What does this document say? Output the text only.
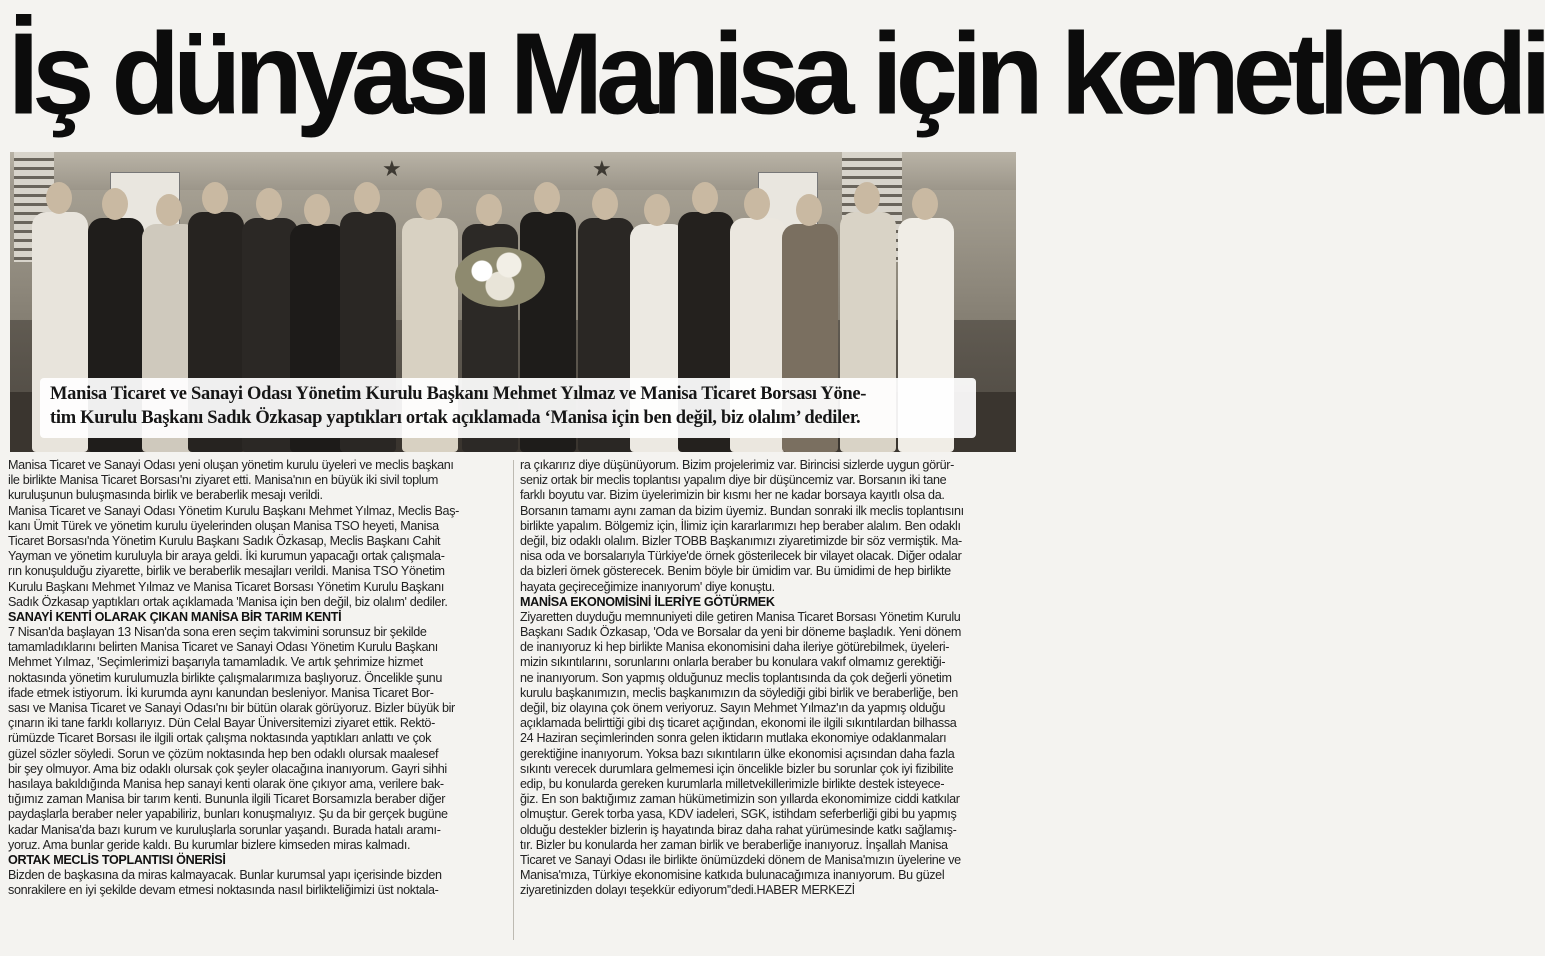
İş dünyası Manisa için kenetlendi
★	★
Manisa Ticaret ve Sanayi Odası Yönetim Kurulu Başkanı Mehmet Yılmaz ve Manisa Ticaret Borsası Yöne-
tim Kurulu Başkanı Sadık Özkasap yaptıkları ortak açıklamada ‘Manisa için ben değil, biz olalım’ dediler.
Manisa Ticaret ve Sanayi Odası yeni oluşan yönetim kurulu üyeleri ve meclis başkanı
ile birlikte Manisa Ticaret Borsası'nı ziyaret etti. Manisa'nın en büyük iki sivil toplum
kuruluşunun buluşmasında birlik ve beraberlik mesajı verildi.
Manisa Ticaret ve Sanayi Odası Yönetim Kurulu Başkanı Mehmet Yılmaz, Meclis Baş-
kanı Ümit Türek ve yönetim kurulu üyelerinden oluşan Manisa TSO heyeti, Manisa
Ticaret Borsası'nda Yönetim Kurulu Başkanı Sadık Özkasap, Meclis Başkanı Cahit
Yayman ve yönetim kuruluyla bir araya geldi. İki kurumun yapacağı ortak çalışmala-
rın konuşulduğu ziyarette, birlik ve beraberlik mesajları verildi. Manisa TSO Yönetim
Kurulu Başkanı Mehmet Yılmaz ve Manisa Ticaret Borsası Yönetim Kurulu Başkanı
Sadık Özkasap yaptıkları ortak açıklamada 'Manisa için ben değil, biz olalım' dediler.
SANAYİ KENTİ OLARAK ÇIKAN MANİSA BİR TARIM KENTİ
7 Nisan'da başlayan 13 Nisan'da sona eren seçim takvimini sorunsuz bir şekilde
tamamladıklarını belirten Manisa Ticaret ve Sanayi Odası Yönetim Kurulu Başkanı
Mehmet Yılmaz, 'Seçimlerimizi başarıyla tamamladık. Ve artık şehrimize hizmet
noktasında yönetim kurulumuzla birlikte çalışmalarımıza başlıyoruz. Öncelikle şunu
ifade etmek istiyorum. İki kurumda aynı kanundan besleniyor. Manisa Ticaret Bor-
sası ve Manisa Ticaret ve Sanayi Odası'nı bir bütün olarak görüyoruz. Bizler büyük bir
çınarın iki tane farklı kollarıyız. Dün Celal Bayar Üniversitemizi ziyaret ettik. Rektö-
rümüzde Ticaret Borsası ile ilgili ortak çalışma noktasında yaptıkları anlattı ve çok
güzel sözler söyledi. Sorun ve çözüm noktasında hep ben odaklı olursak maalesef
bir şey olmuyor. Ama biz odaklı olursak çok şeyler olacağına inanıyorum. Gayri sihhi
hasılaya bakıldığında Manisa hep sanayi kenti olarak öne çıkıyor ama, verilere bak-
tığımız zaman Manisa bir tarım kenti. Bununla ilgili Ticaret Borsamızla beraber diğer
paydaşlarla beraber neler yapabiliriz, bunları konuşmalıyız. Şu da bir gerçek bugüne
kadar Manisa'da bazı kurum ve kuruluşlarla sorunlar yaşandı. Burada hatalı aramı-
yoruz. Ama bunlar geride kaldı. Bu kurumlar bizlere kimseden miras kalmadı.
ORTAK MECLİS TOPLANTISI ÖNERİSİ
Bizden de başkasına da miras kalmayacak. Bunlar kurumsal yapı içerisinde bizden
sonrakilere en iyi şekilde devam etmesi noktasında nasıl birlikteliğimizi üst noktala-
ra çıkarırız diye düşünüyorum. Bizim projelerimiz var. Birincisi sizlerde uygun görür-
seniz ortak bir meclis toplantısı yapalım diye bir düşüncemiz var. Borsanın iki tane
farklı boyutu var. Bizim üyelerimizin bir kısmı her ne kadar borsaya kayıtlı olsa da.
Borsanın tamamı aynı zaman da bizim üyemiz. Bundan sonraki ilk meclis toplantısını
birlikte yapalım. Bölgemiz için, İlimiz için kararlarımızı hep beraber alalım. Ben odaklı
değil, biz odaklı olalım. Bizler TOBB Başkanımızı ziyaretimizde bir söz vermiştik. Ma-
nisa oda ve borsalarıyla Türkiye'de örnek gösterilecek bir vilayet olacak. Diğer odalar
da bizleri örnek gösterecek. Benim böyle bir ümidim var. Bu ümidimi de hep birlikte
hayata geçireceğimize inanıyorum' diye konuştu.
MANİSA EKONOMİSİNİ İLERİYE GÖTÜRMEK
Ziyaretten duyduğu memnuniyeti dile getiren Manisa Ticaret Borsası Yönetim Kurulu
Başkanı Sadık Özkasap, 'Oda ve Borsalar da yeni bir döneme başladık. Yeni dönem
de inanıyoruz ki hep birlikte Manisa ekonomisini daha ileriye götürebilmek, üyeleri-
mizin sıkıntılarını, sorunlarını onlarla beraber bu konulara vakıf olmamız gerektiği-
ne inanıyorum. Son yapmış olduğunuz meclis toplantısında da çok değerli yönetim
kurulu başkanımızın, meclis başkanımızın da söylediği gibi birlik ve beraberliğe, ben
değil, biz olayına çok önem veriyoruz. Sayın Mehmet Yılmaz'ın da yapmış olduğu
açıklamada belirttiği gibi dış ticaret açığından, ekonomi ile ilgili sıkıntılardan bilhassa
24 Haziran seçimlerinden sonra gelen iktidarın mutlaka ekonomiye odaklanmaları
gerektiğine inanıyorum. Yoksa bazı sıkıntıların ülke ekonomisi açısından daha fazla
sıkıntı verecek durumlara gelmemesi için öncelikle bizler bu sorunlar çok iyi fizibilite
edip, bu konularda gereken kurumlarla milletvekillerimizle birlikte destek isteyece-
ğiz. En son baktığımız zaman hükümetimizin son yıllarda ekonomimize ciddi katkılar
olmuştur. Gerek torba yasa, KDV iadeleri, SGK, istihdam seferberliği gibi bu yapmış
olduğu destekler bizlerin iş hayatında biraz daha rahat yürümesinde katkı sağlamış-
tır. Bizler bu konularda her zaman birlik ve beraberliğe inanıyoruz. İnşallah Manisa
Ticaret ve Sanayi Odası ile birlikte önümüzdeki dönem de Manisa'mızın üyelerine ve
Manisa'mıza, Türkiye ekonomisine katkıda bulunacağımıza inanıyorum. Bu güzel
ziyaretinizden dolayı teşekkür ediyorum''dedi.HABER MERKEZİ
